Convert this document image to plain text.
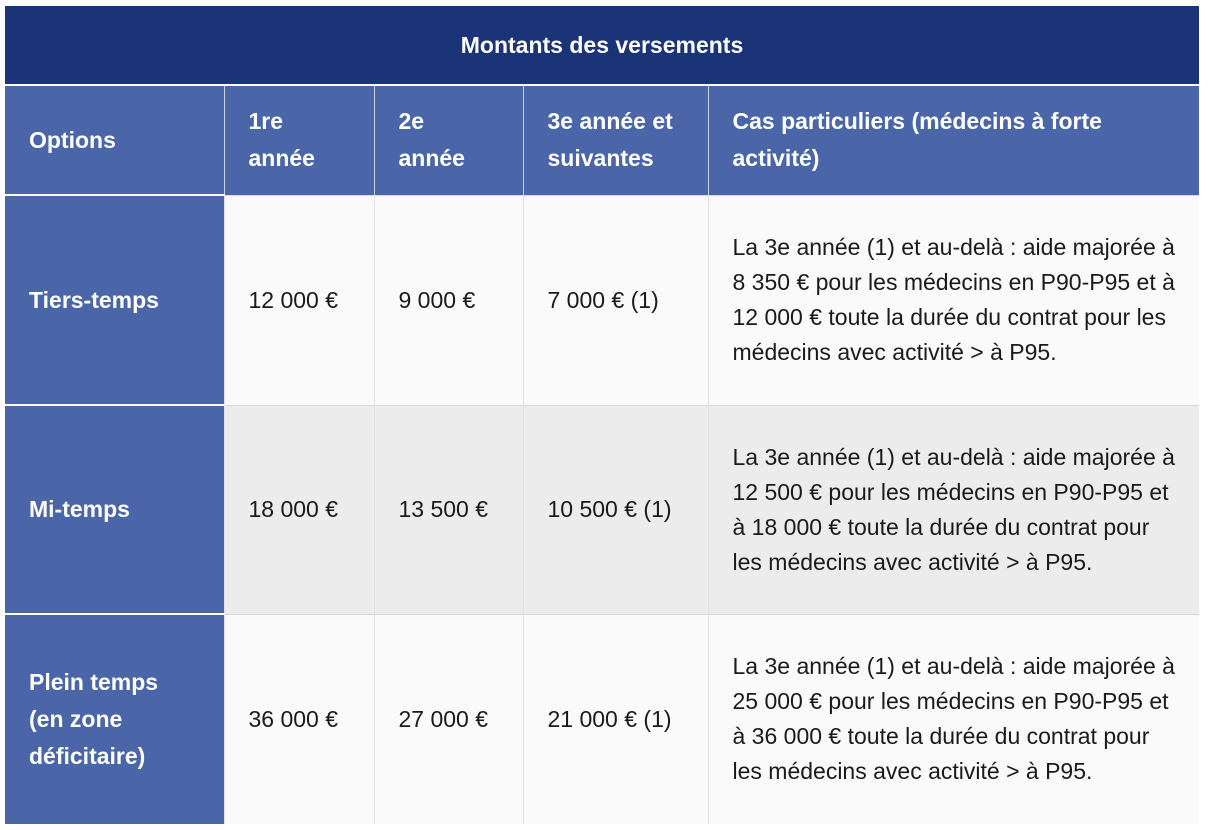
Montants des versements				
Options	1re année	2e année	3e année et suivantes	Cas particuliers (médecins à forte activité)
Tiers-temps	12 000 €	9 000 €	7 000 € (1)	La 3e année (1) et au-delà : aide majorée à 8 350 € pour les médecins en P90-P95 et à 12 000 € toute la durée du contrat pour les médecins avec activité > à P95.
Mi-temps	18 000 €	13 500 €	10 500 € (1)	La 3e année (1) et au-delà : aide majorée à 12 500 € pour les médecins en P90-P95 et à 18 000 € toute la durée du contrat pour les médecins avec activité > à P95.
Plein temps (en zone déficitaire)	36 000 €	27 000 €	21 000 € (1)	La 3e année (1) et au-delà : aide majorée à 25 000 € pour les médecins en P90-P95 et à 36 000 € toute la durée du contrat pour les médecins avec activité > à P95.
